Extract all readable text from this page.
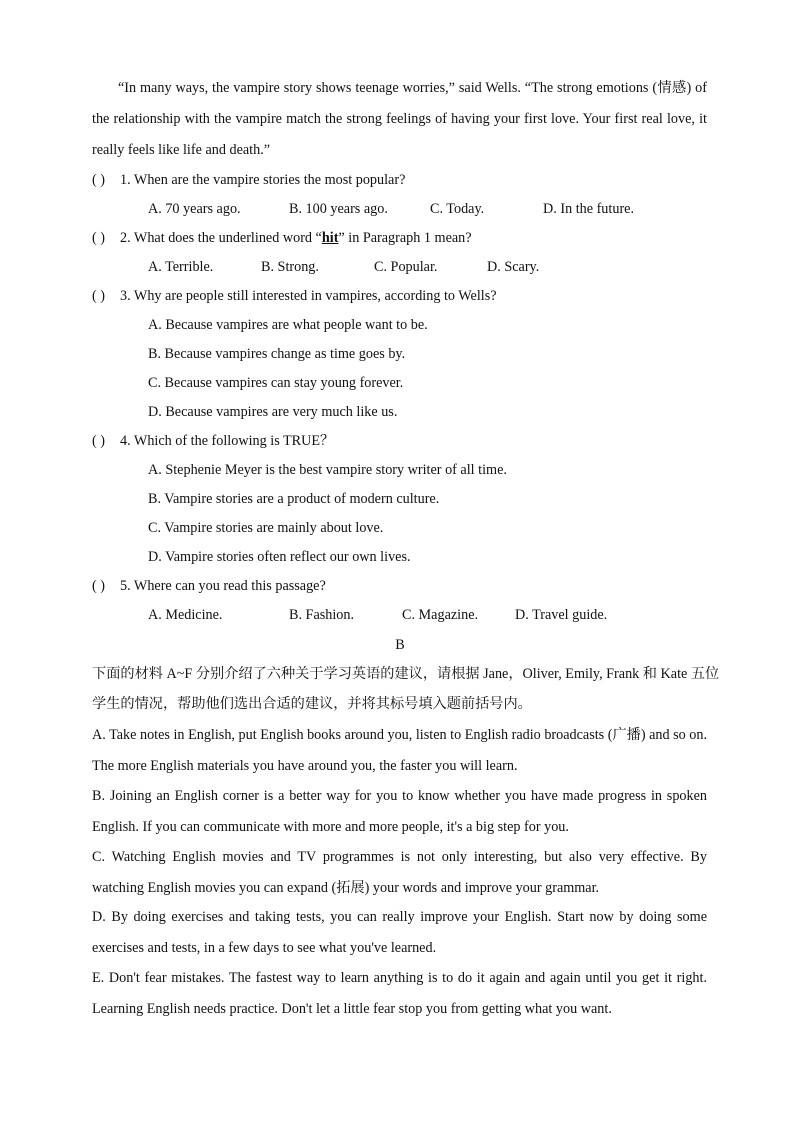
“In many ways, the vampire story shows teenage worries,” said Wells. “The strong emotions (情感) of
the relationship with the vampire match the strong feelings of having your first love. Your first real love, it
really feels like life and death.”
( ) 1. When are the vampire stories the most popular?
A. 70 years ago.	B. 100 years ago.	C. Today.	D. In the future.
( ) 2. What does the underlined word “hit” in Paragraph 1 mean?
A. Terrible.	B. Strong.	C. Popular.	D. Scary.
( ) 3. Why are people still interested in vampires, according to Wells?
A. Because vampires are what people want to be.
B. Because vampires change as time goes by.
C. Because vampires can stay young forever.
D. Because vampires are very much like us.
( ) 4. Which of the following is TRUE？
A. Stephenie Meyer is the best vampire story writer of all time.
B. Vampire stories are a product of modern culture.
C. Vampire stories are mainly about love.
D. Vampire stories often reflect our own lives.
( ) 5. Where can you read this passage?
A. Medicine.	B. Fashion.	C. Magazine.	D. Travel guide.
B
下面的材料 A~F 分别介绍了六种关于学习英语的建议，请根据 Jane，Oliver, Emily, Frank 和 Kate 五位
学生的情况，帮助他们选出合适的建议，并将其标号填入题前括号内。
A. Take notes in English, put English books around you, listen to English radio broadcasts (广播) and so on.
The more English materials you have around you, the faster you will learn.
B. Joining an English corner is a better way for you to know whether you have made progress in spoken
English. If you can communicate with more and more people, it's a big step for you.
C. Watching English movies and TV programmes is not only interesting, but also very effective. By
watching English movies you can expand (拓展) your words and improve your grammar.
D. By doing exercises and taking tests, you can really improve your English. Start now by doing some
exercises and tests, in a few days to see what you've learned.
E. Don't fear mistakes. The fastest way to learn anything is to do it again and again until you get it right.
Learning English needs practice. Don't let a little fear stop you from getting what you want.
